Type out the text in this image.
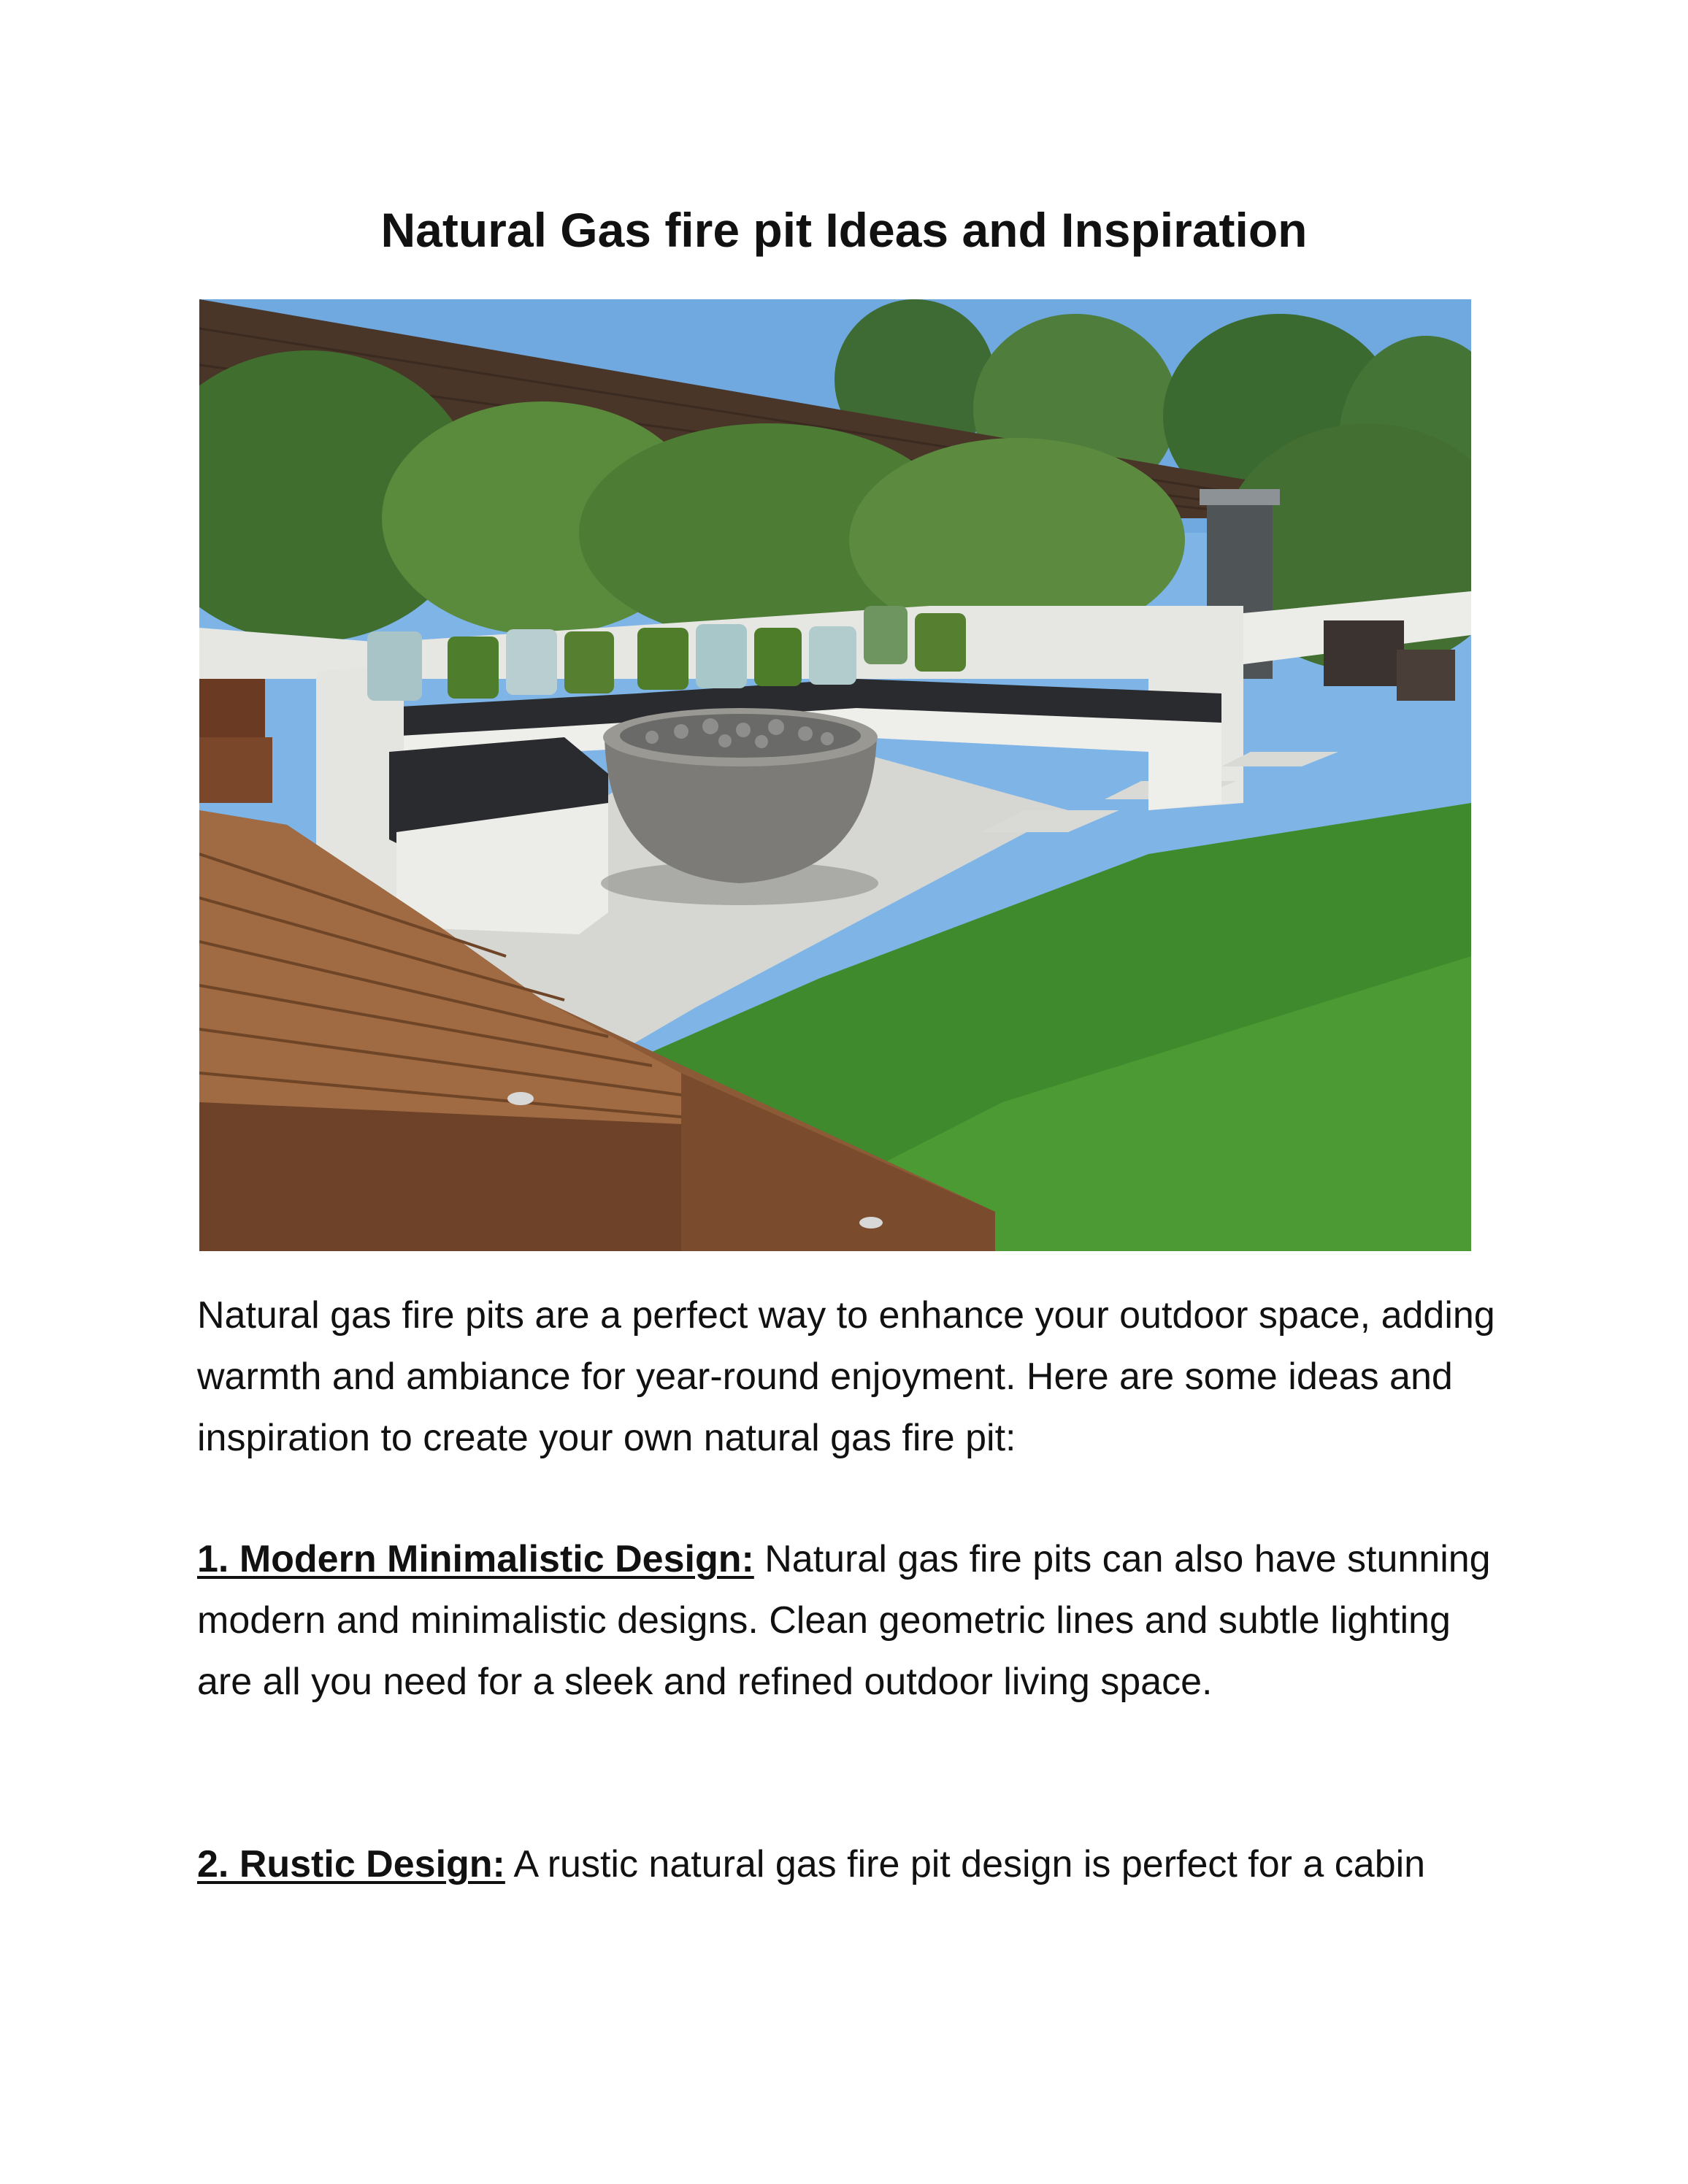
Natural Gas fire pit Ideas and Inspiration
Natural gas fire pits are a perfect way to enhance your outdoor space, adding warmth and ambiance for year-round enjoyment. Here are some ideas and inspiration to create your own natural gas fire pit:
1. Modern Minimalistic Design: Natural gas fire pits can also have stunning modern and minimalistic designs. Clean geometric lines and subtle lighting are all you need for a sleek and refined outdoor living space.
2. Rustic Design: A rustic natural gas fire pit design is perfect for a cabin
